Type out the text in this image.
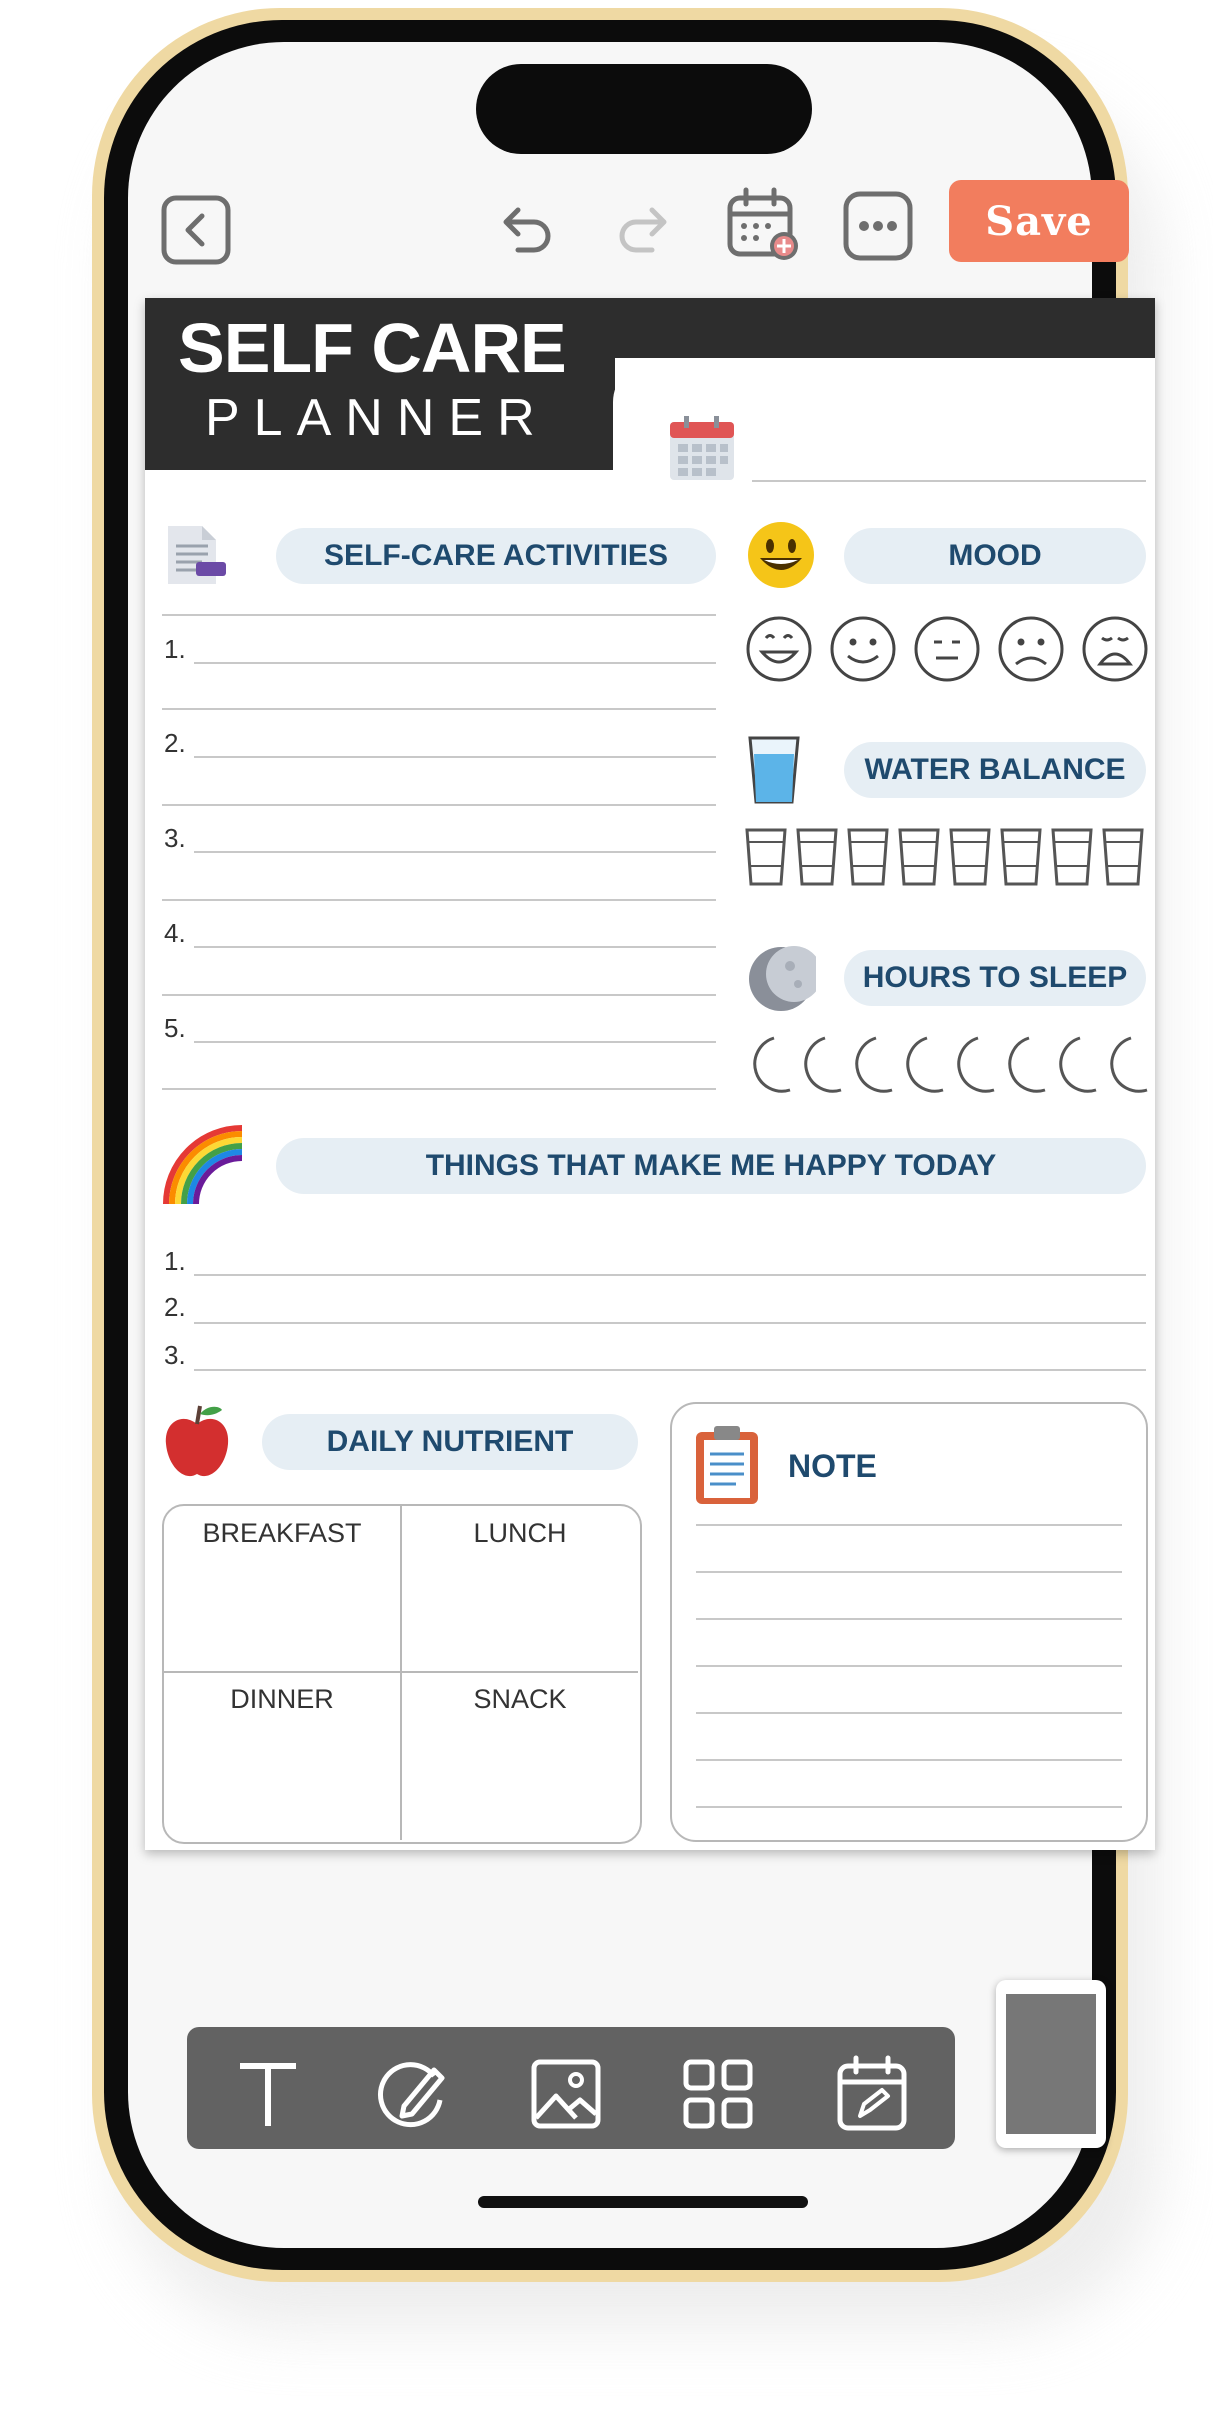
Save
SELF CARE
PLANNER
SELF-CARE ACTIVITIES
1.
2.
3.
4.
5.
MOOD
WATER BALANCE
HOURS TO SLEEP
THINGS THAT MAKE ME HAPPY TODAY
1.
2.
3.
DAILY NUTRIENT
BREAKFAST	LUNCH
DINNER	SNACK
NOTE
